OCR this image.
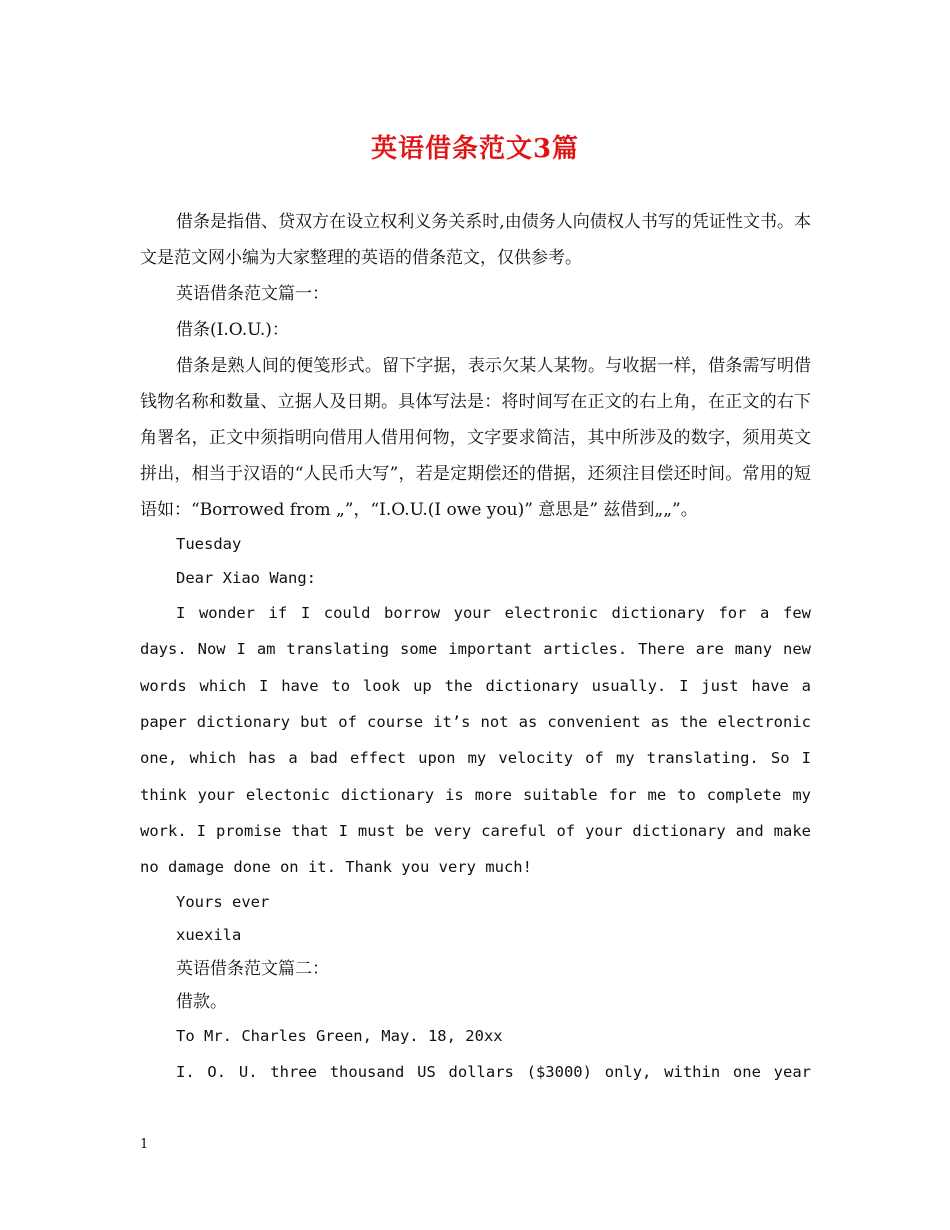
英语借条范文3篇

借条是指借、贷双方在设立权利义务关系时,由债务人向债权人书写的凭证性文书。本文是范文网小编为大家整理的英语的借条范文，仅供参考。

英语借条范文篇一：

借条(I.O.U.)：

借条是熟人间的便笺形式。留下字据，表示欠某人某物。与收据一样，借条需写明借钱物名称和数量、立据人及日期。具体写法是：将时间写在正文的右上角，在正文的右下角署名，正文中须指明向借用人借用何物，文字要求简洁，其中所涉及的数字，须用英文拼出，相当于汉语的“人民币大写”，若是定期偿还的借据，还须注目偿还时间。常用的短语如：“Borrowed from „”，“I.O.U.(I owe you)” 意思是” 兹借到„„”。

Tuesday

Dear Xiao Wang:

I wonder if I could borrow your electronic dictionary for a few days. Now I am translating some important articles. There are many new words which I have to look up the dictionary usually. I just have a paper dictionary but of course it’s not as convenient as the electronic one, which has a bad effect upon my velocity of my translating. So I think your electonic dictionary is more suitable for me to complete my work. I promise that I must be very careful of your dictionary and make no damage done on it. Thank you very much!

Yours ever

xuexila

英语借条范文篇二：

借款。

To Mr. Charles Green, May. 18, 20xx

I. O. U. three thousand US dollars ($3000) only, within one year

1
